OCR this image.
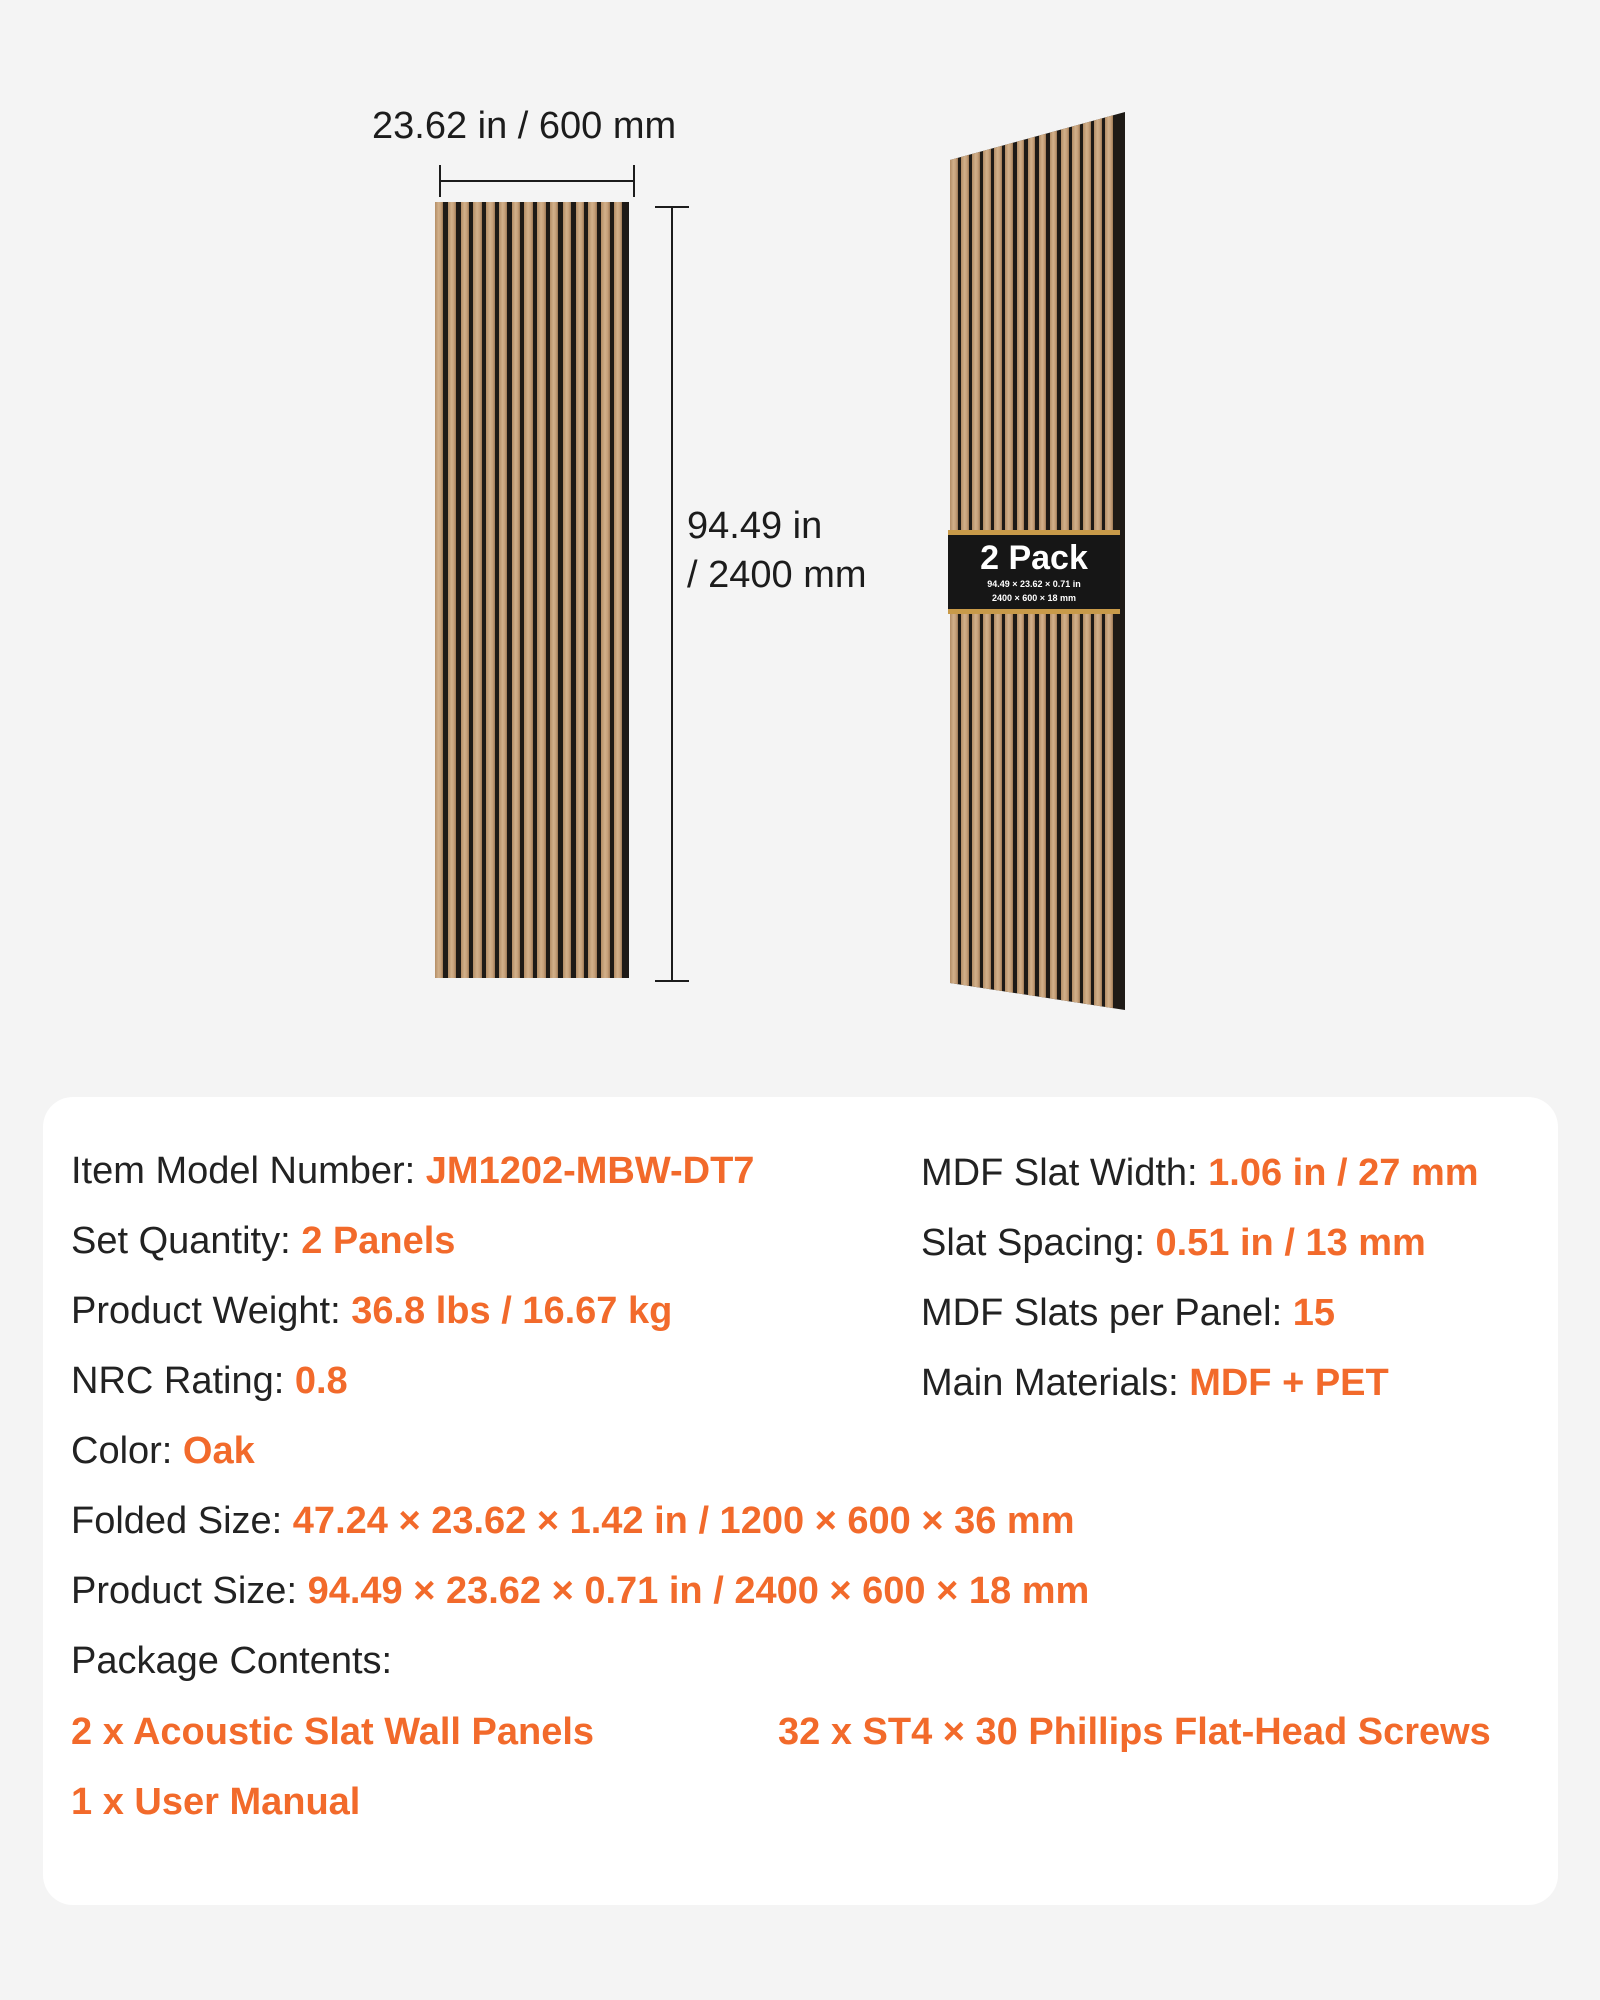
23.62 in / 600 mm
94.49 in
/ 2400 mm	2 Pack
94.49 × 23.62 × 0.71 in
2400 × 600 × 18 mm
Item Model Number: JM1202-MBW-DT7
Set Quantity: 2 Panels
Product Weight: 36.8 lbs / 16.67 kg
NRC Rating: 0.8
Color: Oak
MDF Slat Width: 1.06 in / 27 mm
Slat Spacing: 0.51 in / 13 mm
MDF Slats per Panel: 15
Main Materials: MDF + PET
Folded Size: 47.24 × 23.62 × 1.42 in / 1200 × 600 × 36 mm
Product Size: 94.49 × 23.62 × 0.71 in / 2400 × 600 × 18 mm
Package Contents:
2 x Acoustic Slat Wall Panels	32 x ST4 × 30 Phillips Flat-Head Screws
1 x User Manual
